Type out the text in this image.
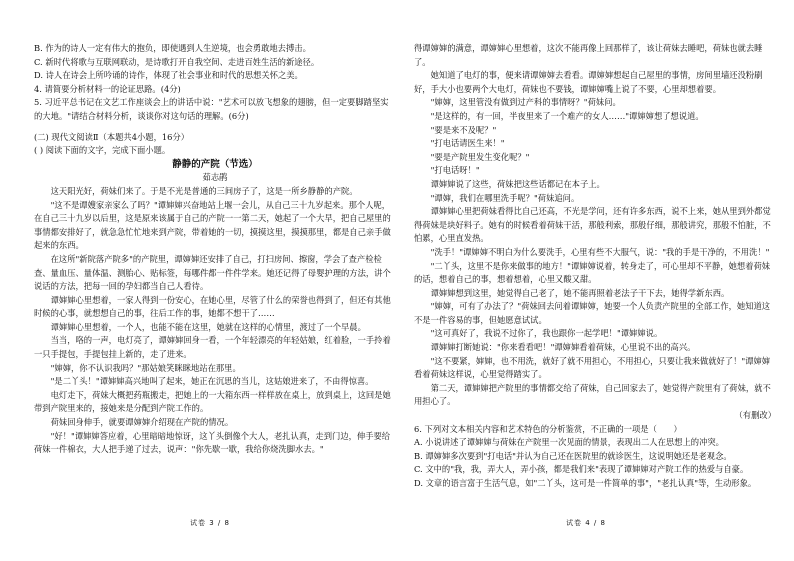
B. 作为的诗人一定有伟大的抱负，即使遇到人生逆境，也会勇敢地去搏击。

C. 新时代将歌与互联网联动，是诗歌打开自我空间、走进百姓生活的新途径。

D. 诗人在诗会上所吟诵的诗作，体现了社会事业和时代的思想关怀之美。

4. 请简要分析材料一的论证思路。(4分)

5. 习近平总书记在文艺工作座谈会上的讲话中说："艺术可以放飞想象的翅膀，但一定要脚踏坚实的大地。"请结合材料分析，谈谈你对这句话的理解。(6分)

(二) 现代文阅读Ⅱ（本题共4小题，16分）

( ) 阅读下面的文字，完成下面小题。

静静的产院（节选）

茹志鹃

这天阳光好，荷妹们来了。于是不光是普通的三间房子了，这是一所乡静静的产院。

"这不是谭嫂家亲家么了吗？"谭婶婶兴奋地站上堰一会儿，从自己三十九岁起来。那个人呢，在自己三十九岁以后里，这是原来该属于自己的产院一一第二天，她起了一个大早，把自己屋里的事情都安排好了，就急急忙忙地来到产院，带着她的一切，摸摸这里，摸摸那里，都是自己亲手做起来的东西。

在这所"新院落产院多"的产院里，谭婶婶还安排了自己，打扫房间、擦窗，学会了查产检检查、量血压、量体温、测胎心、贴标签，每哪件都一件件学来。她还记得了母婴护理的方法，讲个说话的方法，把每一回的孕妇都当自己人看待。

谭婶婶心里想着，一家人得到一份安心，在她心里，尽管了什么的荣誉也得到了，但还有其他时候的心事，就想想自己的事，往后工作的事，她都不想干了……

谭婶婶心里想着，一个人，也能不能在这里，她就在这样的心情里，渡过了一个早晨。

当当，咯的一声，电灯亮了，谭婶婶回身一看，一个年轻漂亮的年轻姑娘，红着脸，一手拎着一只手提包，手提包挂上新的，走了进来。

"婶婶，你不认识我吗？"那姑娘笑眯眯地站在那里。

"是二丫头！"谭婶婶高兴地叫了起来，她正在沉思的当儿，这姑娘进来了，不由得惊喜。

电灯走下，荷妹大概把药瓶搬走，把她上的一大箱东西一样样放在桌上，放到桌上，这回是她带到产院里来的，接她来是分配到产院工作的。

荷妹回身伸手，就要谭婶婶介绍现在产院的情况。

"好！"谭婶婶答应着，心里暗暗地惊讶，这丫头倒像个大人，老扎认真，走到门边，伸手要给荷妹一件棉衣，大人把手递了过去，说声："你先歇一歇，我给你烧洗脚水去。"

试卷 3 / 8

得谭婶婶的满意，谭婶婶心里想着，这次不能再像上回那样了，该让荷妹去睡吧，荷妹也就去睡了。

她知道了电灯的事，便来请谭婶婶去看看。谭婶婶想起自己屋里的事情，房间里墙还没粉刷好，手大小也要两个大电灯，荷妹也不要钱，谭婶婶嘴上说了不要，心里却想着要。

"婶婶，这里管没有做到过产科的事情呀？"荷妹问。

"是这样的，有一回，半夜里来了一个难产的女人……"谭婶婶想了想说道。

"要是来不及呢？"

"打电话请医生来！"

"要是产院里发生变化呢？"

"打电话呀！"

谭婶婶说了这些，荷妹把这些话都记在本子上。

"谭婶，我们在哪里洗手呢？"荷妹追问。

谭婶婶心里把荷妹看得比自己还高，不光是学问，还有许多东西，说不上来，她从里到外都觉得荷妹是块好料子。她有的时候看着荷妹干活，那般利索，那般仔细，那般讲究，那般不怕脏，不怕累，心里直发热。

"洗手！"谭婶婶不明白为什么要洗手，心里有些不大服气，说："我的手是干净的，不用洗！"

"二丫头，这里不是你来做事的地方！"谭婶婶说着，转身走了，可心里却不平静，她想着荷妹的话，想着自己的事，想着想着，心里又酸又甜。

谭婶婶想到这里，她觉得自己老了，她不能再照着老法子干下去，她得学新东西。

"婶婶，可有了办法了？"荷妹回去问着谭婶婶，她要一个人负责产院里的全部工作，她知道这不是一件容易的事，但她愿意试试。

"这可真好了，我说不过你了，我也跟你一起学吧！"谭婶婶说。

谭婶婶打断她说："你来看看吧！"谭婶婶看着荷妹，心里说不出的高兴。

"这不要紧，婶婶，也不用洗，就好了就不用担心，不用担心，只要让我来做就好了！"谭婶婶看着荷妹这样说，心里觉得踏实了。

第二天，谭婶婶把产院里的事情都交给了荷妹，自己回家去了，她觉得产院里有了荷妹，就不用担心了。

（有删改）

6. 下列对文本相关内容和艺术特色的分析鉴赏，不正确的一项是（　　）

A. 小说讲述了谭婶婶与荷妹在产院里一次见面的情景，表现出二人在思想上的冲突。

B. 谭婶婶多次要到"打电话"并认为自己还在医院里的就诊医生，这说明她还是老观念。

C. 文中的"我，我，弄大人，弄小孩，都是我们来"表现了谭婶婶对产院工作的热爱与自豪。

D. 文章的语言富于生活气息，如"二丫头，这可是一件简单的事"，"老扎认真"等，生动形象。

试卷 4 / 8
